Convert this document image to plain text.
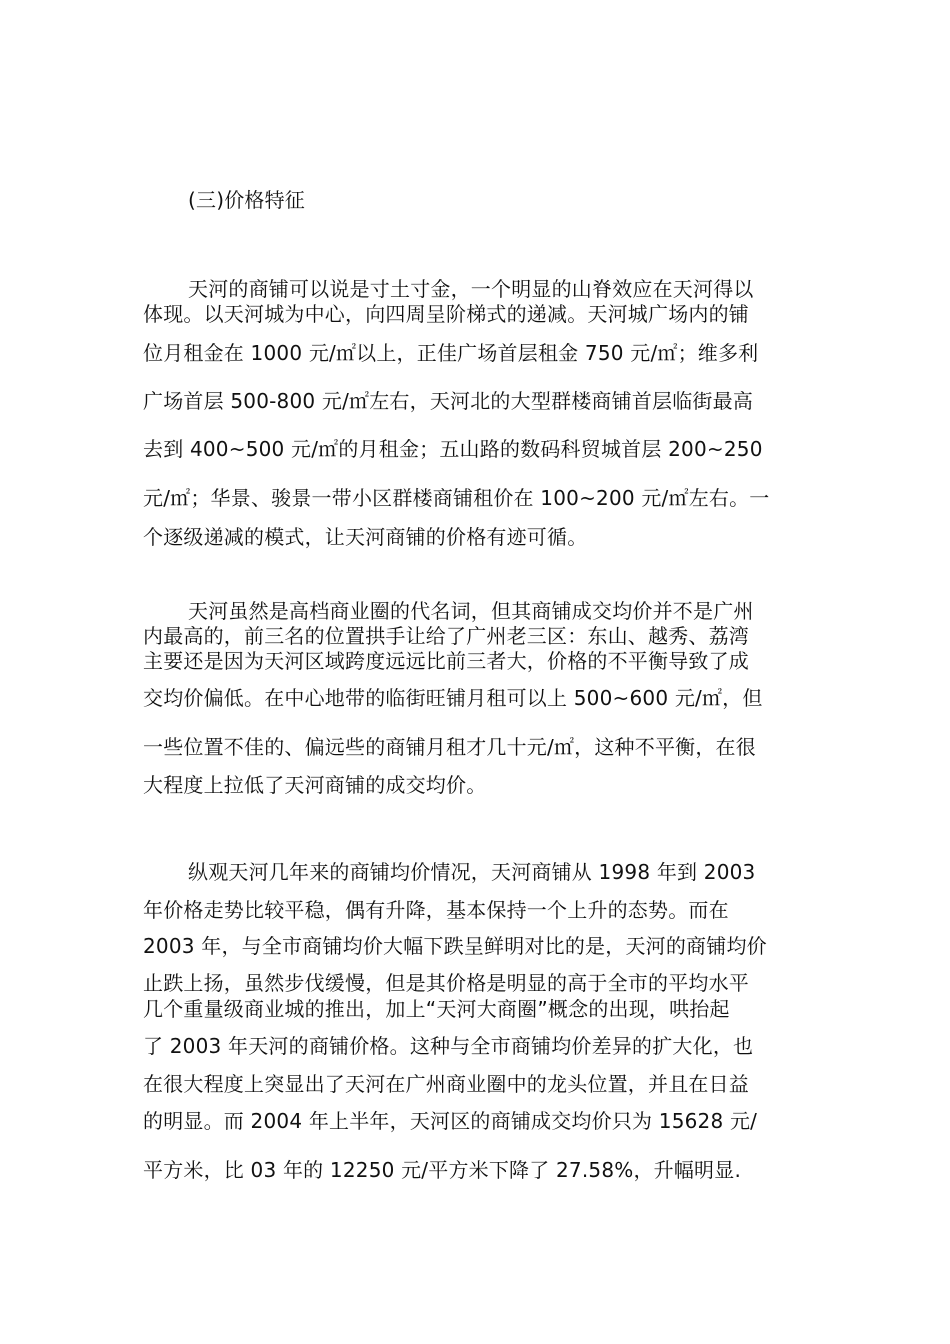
(三)价格特征
天河的商铺可以说是寸土寸金，一个明显的山脊效应在天河得以
体现。以天河城为中心，向四周呈阶梯式的递减。天河城广场内的铺
位月租金在 1000 元/㎡以上，正佳广场首层租金 750 元/㎡；维多利
广场首层 500-800 元/㎡左右，天河北的大型群楼商铺首层临街最高
去到 400~500 元/㎡的月租金；五山路的数码科贸城首层 200~250
元/㎡；华景、骏景一带小区群楼商铺租价在 100~200 元/㎡左右。一
个逐级递减的模式，让天河商铺的价格有迹可循。
天河虽然是高档商业圈的代名词，但其商铺成交均价并不是广州
内最高的，前三名的位置拱手让给了广州老三区：东山、越秀、荔湾
主要还是因为天河区域跨度远远比前三者大，价格的不平衡导致了成
交均价偏低。在中心地带的临街旺铺月租可以上 500~600 元/㎡，但
一些位置不佳的、偏远些的商铺月租才几十元/㎡，这种不平衡，在很
大程度上拉低了天河商铺的成交均价。
纵观天河几年来的商铺均价情况，天河商铺从 1998 年到 2003
年价格走势比较平稳，偶有升降，基本保持一个上升的态势。而在
2003 年，与全市商铺均价大幅下跌呈鲜明对比的是，天河的商铺均价
止跌上扬，虽然步伐缓慢，但是其价格是明显的高于全市的平均水平
几个重量级商业城的推出，加上“天河大商圈”概念的出现，哄抬起
了 2003 年天河的商铺价格。这种与全市商铺均价差异的扩大化，也
在很大程度上突显出了天河在广州商业圈中的龙头位置，并且在日益
的明显。而 2004 年上半年，天河区的商铺成交均价只为 15628 元/
平方米，比 03 年的 12250 元/平方米下降了 27.58%，升幅明显.
